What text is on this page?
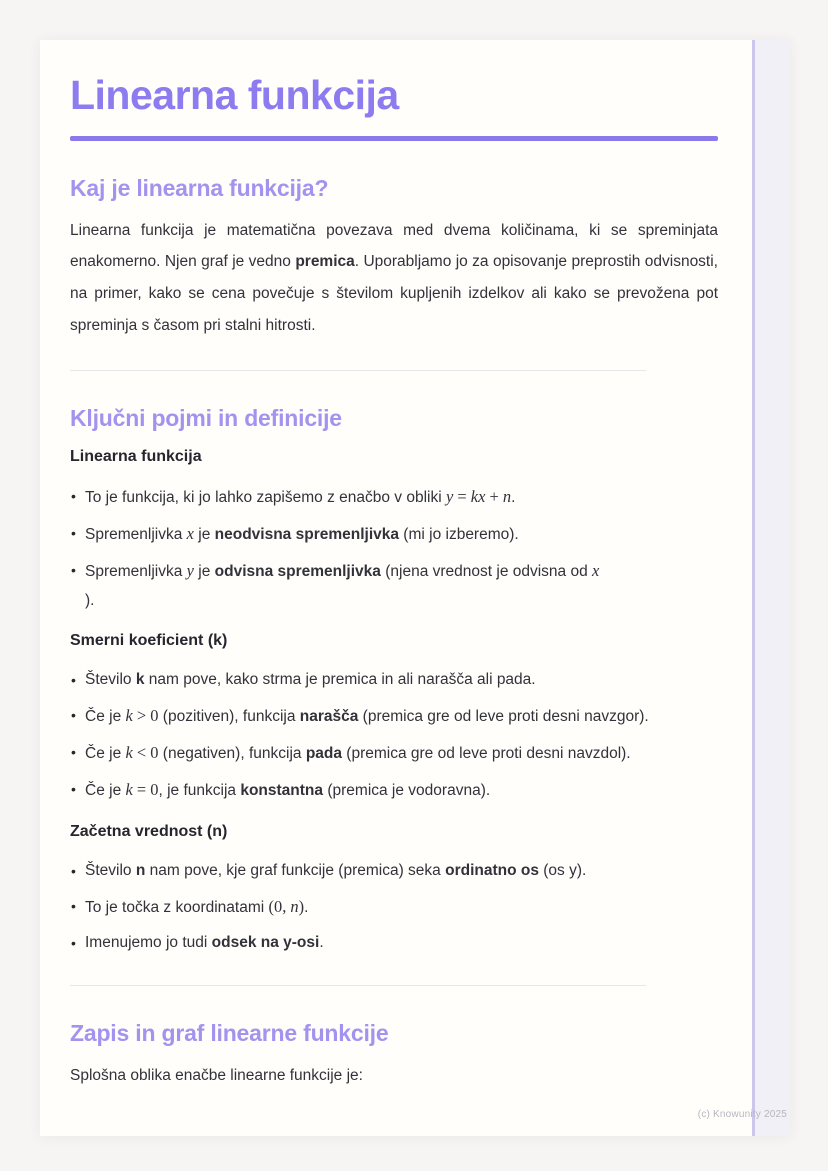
Linearna funkcija
Kaj je linearna funkcija?

Linearna funkcija je matematična povezava med dvema količinama, ki se spreminjata enakomerno. Njen graf je vedno premica. Uporabljamo jo za opisovanje preprostih odvisnosti, na primer, kako se cena povečuje s številom kupljenih izdelkov ali kako se prevožena pot spreminja s časom pri stalni hitrosti.

Ključni pojmi in definicije
Linearna funkcija
• To je funkcija, ki jo lahko zapišemo z enačbo v obliki y = kx + n.
• Spremenljivka x je neodvisna spremenljivka (mi jo izberemo).
• Spremenljivka y je odvisna spremenljivka (njena vrednost je odvisna od x
).
Smerni koeficient (k)
• Število k nam pove, kako strma je premica in ali narašča ali pada.
• Če je k > 0 (pozitiven), funkcija narašča (premica gre od leve proti desni navzgor).
• Če je k < 0 (negativen), funkcija pada (premica gre od leve proti desni navzdol).
• Če je k = 0, je funkcija konstantna (premica je vodoravna).
Začetna vrednost (n)
• Število n nam pove, kje graf funkcije (premica) seka ordinatno os (os y).
• To je točka z koordinatami (0, n).
• Imenujemo jo tudi odsek na y-osi.
Zapis in graf linearne funkcije

Splošna oblika enačbe linearne funkcije je:

(c) Knowunity 2025
